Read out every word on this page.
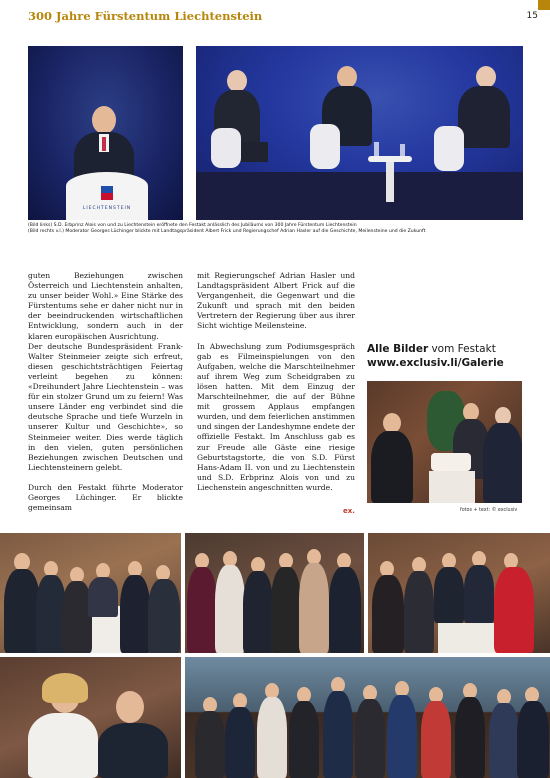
300 Jahre Fürstentum Liechtenstein	15
LIECHTENSTEIN
(Bild links) S.D. Erbprinz Alois von und zu Liechtenstein eröffnete den Festakt anlässlich des Jubiläums von 300 Jahre Fürstentum Liechtenstein
(Bild rechts v.l.) Moderator Georges Lüchinger blickte mit Landtagspräsident Albert Frick und Regierungschef Adrian Hasler auf die Geschichte, Meilensteine und die Zukunft

guten Beziehungen zwischen Österreich und Liechtenstein anhalten, zu unser beider Wohl.» Eine Stärke des Fürstentums sehe er daher nicht nur in der beeindruckenden wirtschaftlichen Entwicklung, sondern auch in der klaren europäischen Ausrichtung.

Der deutsche Bundespräsident Frank-Walter Steinmeier zeigte sich erfreut, diesen geschichtsträchtigen Feiertag verleint begehen zu können: «Dreihundert Jahre Liechtenstein – was für ein stolzer Grund um zu feiern! Was unsere Länder eng verbindet sind die deutsche Sprache und tiefe Wurzeln in unserer Kultur und Geschichte», so Steinmeier weiter. Dies werde täglich in den vielen, guten persönlichen Beziehungen zwischen Deutschen und Liechtensteinern gelebt.

Durch den Festakt führte Moderator Georges Lüchinger. Er blickte gemeinsam

mit Regierungschef Adrian Hasler und Landtagspräsident Albert Frick auf die Vergangenheit, die Gegenwart und die Zukunft und sprach mit den beiden Vertretern der Regierung über aus ihrer Sicht wichtige Meilensteine.

In Abwechslung zum Podiumsgespräch gab es Filmeinspielungen von den Aufgaben, welche die Marschteilnehmer auf ihrem Weg zum Scheidgraben zu lösen hatten. Mit dem Einzug der Marschteilnehmer, die auf der Bühne mit grossem Applaus empfangen wurden, und dem feierlichen anstimmen und singen der Landeshymne endete der offizielle Festakt. Im Anschluss gab es zur Freude alle Gäste eine riesige Geburtstagstorte, die von S.D. Fürst Hans-Adam II. von und zu Liechtenstein und S.D. Erbprinz Alois von und zu Liechenstein angeschnitten wurde.

ex.
Alle Bilder vom Festakt
www.exclusiv.li/Galerie
fotos + text: © exclusiv
